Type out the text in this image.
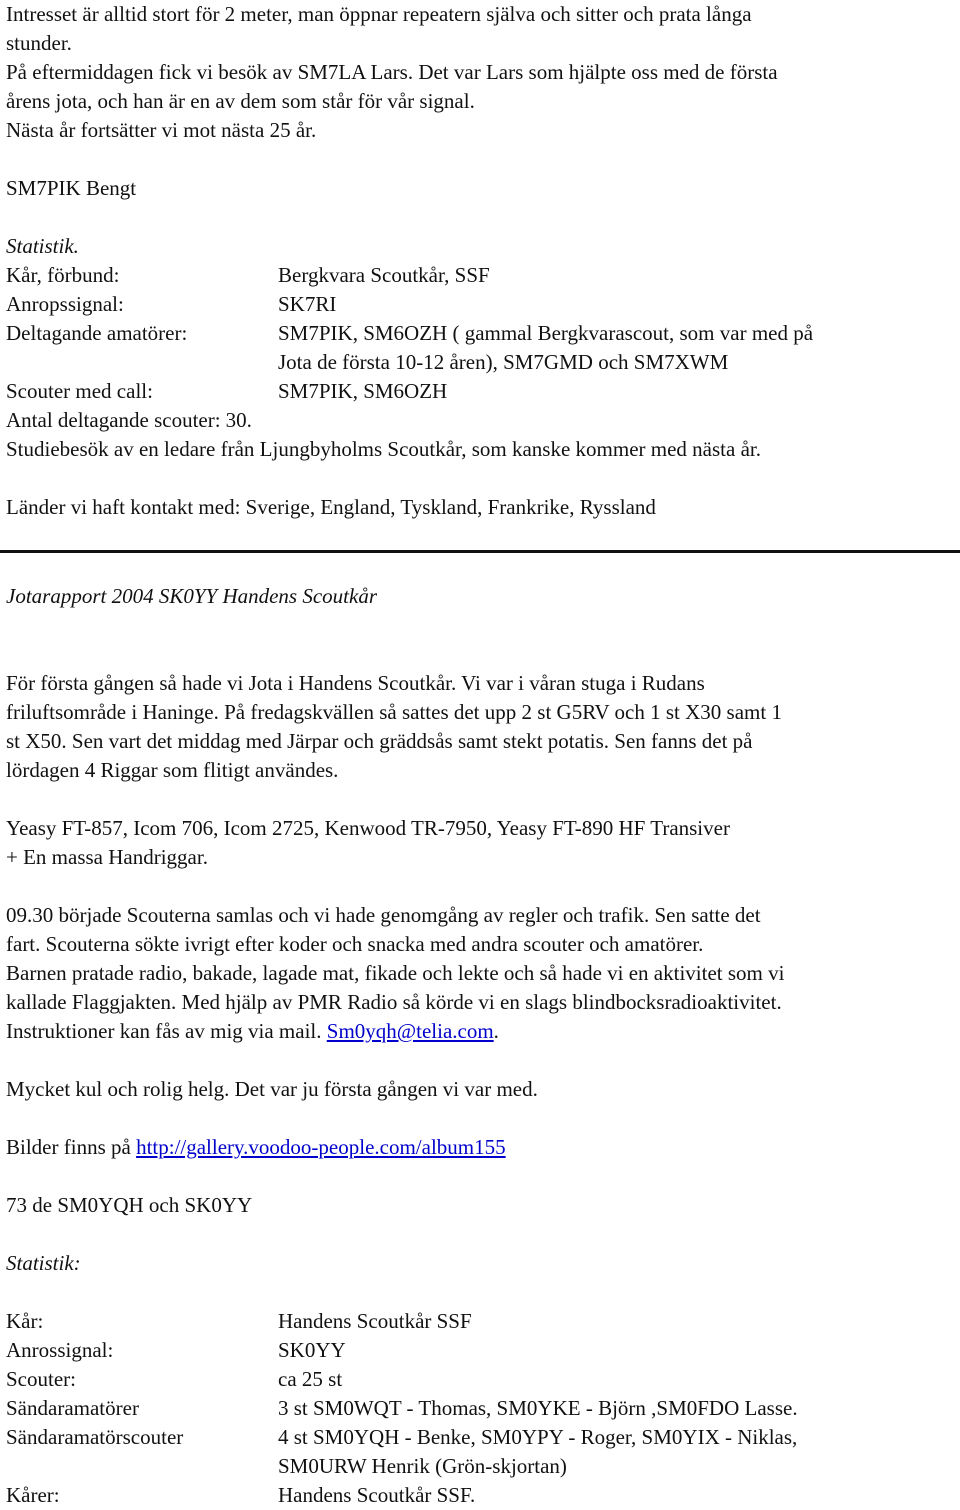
Intresset är alltid stort för 2 meter, man öppnar repeatern själva och sitter och prata långa

stunder.

På eftermiddagen fick vi besök av SM7LA Lars. Det var Lars som hjälpte oss med de första

årens jota, och han är en av dem som står för vår signal.

Nästa år fortsätter vi mot nästa 25 år.

SM7PIK Bengt

Statistik.

Kår, förbund:	Bergkvara Scoutkår, SSF
Anropssignal:	SK7RI
Deltagande amatörer:	SM7PIK, SM6OZH ( gammal Bergkvarascout, som var med på
Jota de första 10-12 åren), SM7GMD och SM7XWM
Scouter med call:	SM7PIK, SM6OZH
Antal deltagande scouter: 30.

Studiebesök av en ledare från Ljungbyholms Scoutkår, som kanske kommer med nästa år.

Länder vi haft kontakt med: Sverige, England, Tyskland, Frankrike, Ryssland

Jotarapport 2004 SK0YY Handens Scoutkår

För första gången så hade vi Jota i Handens Scoutkår. Vi var i våran stuga i Rudans

friluftsområde i Haninge. På fredagskvällen så sattes det upp 2 st G5RV och 1 st X30 samt 1

st X50. Sen vart det middag med Järpar och gräddsås samt stekt potatis. Sen fanns det på

lördagen 4 Riggar som flitigt användes.

Yeasy FT-857, Icom 706, Icom 2725, Kenwood TR-7950, Yeasy FT-890 HF Transiver

+ En massa Handriggar.

09.30 började Scouterna samlas och vi hade genomgång av regler och trafik. Sen satte det

fart. Scouterna sökte ivrigt efter koder och snacka med andra scouter och amatörer.

Barnen pratade radio, bakade, lagade mat, fikade och lekte och så hade vi en aktivitet som vi

kallade Flaggjakten. Med hjälp av PMR Radio så körde vi en slags blindbocksradioaktivitet.

Instruktioner kan fås av mig via mail. Sm0yqh@telia.com.

Mycket kul och rolig helg. Det var ju första gången vi var med.

Bilder finns på http://gallery.voodoo-people.com/album155

73 de SM0YQH och SK0YY

Statistik:

Kår:	Handens Scoutkår SSF
Anrossignal:	SK0YY
Scouter:	ca 25 st
Sändaramatörer	3 st SM0WQT - Thomas, SM0YKE - Björn ,SM0FDO Lasse.
Sändaramatörscouter	4 st SM0YQH - Benke, SM0YPY - Roger, SM0YIX - Niklas,
SM0URW Henrik (Grön-skjortan)
Kårer:	Handens Scoutkår SSF.
